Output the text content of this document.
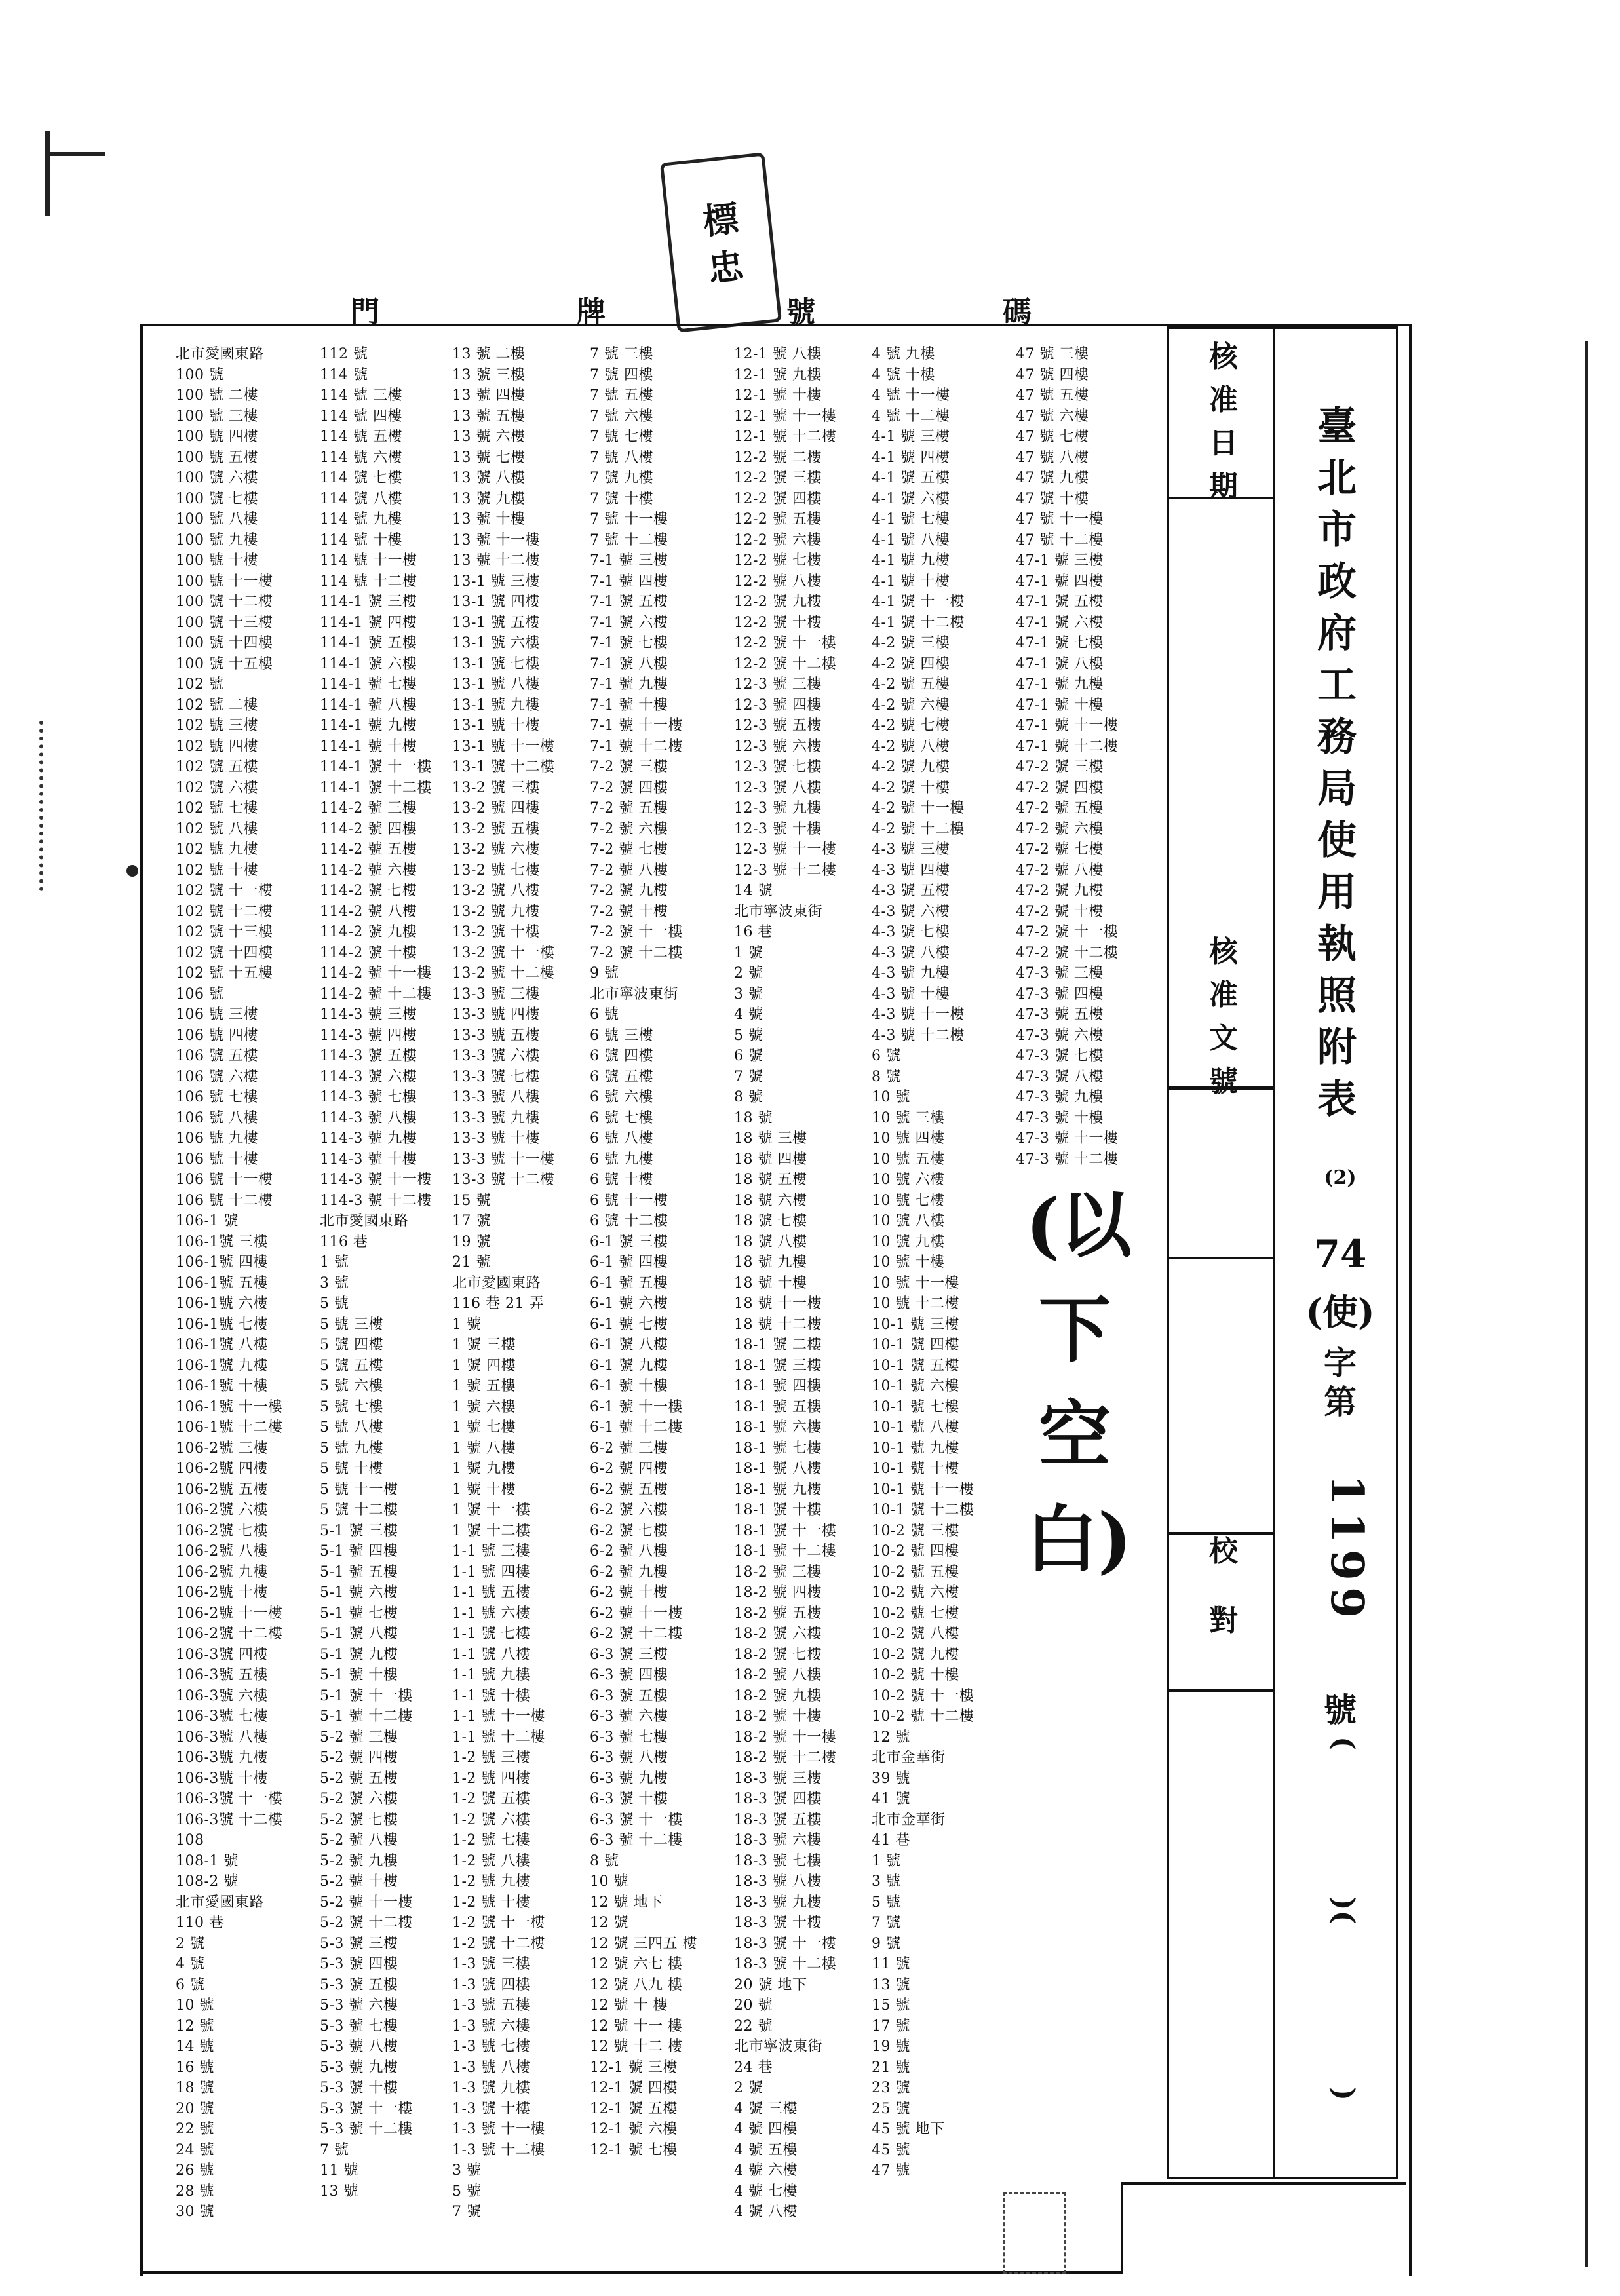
門	牌	號	碼
標 忠
北市愛國東路
100 號
100 號 二樓
100 號 三樓
100 號 四樓
100 號 五樓
100 號 六樓
100 號 七樓
100 號 八樓
100 號 九樓
100 號 十樓
100 號 十一樓
100 號 十二樓
100 號 十三樓
100 號 十四樓
100 號 十五樓
102 號
102 號 二樓
102 號 三樓
102 號 四樓
102 號 五樓
102 號 六樓
102 號 七樓
102 號 八樓
102 號 九樓
102 號 十樓
102 號 十一樓
102 號 十二樓
102 號 十三樓
102 號 十四樓
102 號 十五樓
106 號
106 號 三樓
106 號 四樓
106 號 五樓
106 號 六樓
106 號 七樓
106 號 八樓
106 號 九樓
106 號 十樓
106 號 十一樓
106 號 十二樓
106-1 號
106-1號 三樓
106-1號 四樓
106-1號 五樓
106-1號 六樓
106-1號 七樓
106-1號 八樓
106-1號 九樓
106-1號 十樓
106-1號 十一樓
106-1號 十二樓
106-2號 三樓
106-2號 四樓
106-2號 五樓
106-2號 六樓
106-2號 七樓
106-2號 八樓
106-2號 九樓
106-2號 十樓
106-2號 十一樓
106-2號 十二樓
106-3號 四樓
106-3號 五樓
106-3號 六樓
106-3號 七樓
106-3號 八樓
106-3號 九樓
106-3號 十樓
106-3號 十一樓
106-3號 十二樓
108
108-1 號
108-2 號
北市愛國東路
110 巷
2 號
4 號
6 號
10 號
12 號
14 號
16 號
18 號
20 號
22 號
24 號
26 號
28 號
30 號
112 號
114 號
114 號 三樓
114 號 四樓
114 號 五樓
114 號 六樓
114 號 七樓
114 號 八樓
114 號 九樓
114 號 十樓
114 號 十一樓
114 號 十二樓
114-1 號 三樓
114-1 號 四樓
114-1 號 五樓
114-1 號 六樓
114-1 號 七樓
114-1 號 八樓
114-1 號 九樓
114-1 號 十樓
114-1 號 十一樓
114-1 號 十二樓
114-2 號 三樓
114-2 號 四樓
114-2 號 五樓
114-2 號 六樓
114-2 號 七樓
114-2 號 八樓
114-2 號 九樓
114-2 號 十樓
114-2 號 十一樓
114-2 號 十二樓
114-3 號 三樓
114-3 號 四樓
114-3 號 五樓
114-3 號 六樓
114-3 號 七樓
114-3 號 八樓
114-3 號 九樓
114-3 號 十樓
114-3 號 十一樓
114-3 號 十二樓
北市愛國東路
116 巷
1 號
3 號
5 號
5 號 三樓
5 號 四樓
5 號 五樓
5 號 六樓
5 號 七樓
5 號 八樓
5 號 九樓
5 號 十樓
5 號 十一樓
5 號 十二樓
5-1 號 三樓
5-1 號 四樓
5-1 號 五樓
5-1 號 六樓
5-1 號 七樓
5-1 號 八樓
5-1 號 九樓
5-1 號 十樓
5-1 號 十一樓
5-1 號 十二樓
5-2 號 三樓
5-2 號 四樓
5-2 號 五樓
5-2 號 六樓
5-2 號 七樓
5-2 號 八樓
5-2 號 九樓
5-2 號 十樓
5-2 號 十一樓
5-2 號 十二樓
5-3 號 三樓
5-3 號 四樓
5-3 號 五樓
5-3 號 六樓
5-3 號 七樓
5-3 號 八樓
5-3 號 九樓
5-3 號 十樓
5-3 號 十一樓
5-3 號 十二樓
7 號
11 號
13 號
13 號 二樓
13 號 三樓
13 號 四樓
13 號 五樓
13 號 六樓
13 號 七樓
13 號 八樓
13 號 九樓
13 號 十樓
13 號 十一樓
13 號 十二樓
13-1 號 三樓
13-1 號 四樓
13-1 號 五樓
13-1 號 六樓
13-1 號 七樓
13-1 號 八樓
13-1 號 九樓
13-1 號 十樓
13-1 號 十一樓
13-1 號 十二樓
13-2 號 三樓
13-2 號 四樓
13-2 號 五樓
13-2 號 六樓
13-2 號 七樓
13-2 號 八樓
13-2 號 九樓
13-2 號 十樓
13-2 號 十一樓
13-2 號 十二樓
13-3 號 三樓
13-3 號 四樓
13-3 號 五樓
13-3 號 六樓
13-3 號 七樓
13-3 號 八樓
13-3 號 九樓
13-3 號 十樓
13-3 號 十一樓
13-3 號 十二樓
15 號
17 號
19 號
21 號
北市愛國東路
116 巷 21 弄
1 號
1 號 三樓
1 號 四樓
1 號 五樓
1 號 六樓
1 號 七樓
1 號 八樓
1 號 九樓
1 號 十樓
1 號 十一樓
1 號 十二樓
1-1 號 三樓
1-1 號 四樓
1-1 號 五樓
1-1 號 六樓
1-1 號 七樓
1-1 號 八樓
1-1 號 九樓
1-1 號 十樓
1-1 號 十一樓
1-1 號 十二樓
1-2 號 三樓
1-2 號 四樓
1-2 號 五樓
1-2 號 六樓
1-2 號 七樓
1-2 號 八樓
1-2 號 九樓
1-2 號 十樓
1-2 號 十一樓
1-2 號 十二樓
1-3 號 三樓
1-3 號 四樓
1-3 號 五樓
1-3 號 六樓
1-3 號 七樓
1-3 號 八樓
1-3 號 九樓
1-3 號 十樓
1-3 號 十一樓
1-3 號 十二樓
3 號
5 號
7 號
7 號 三樓
7 號 四樓
7 號 五樓
7 號 六樓
7 號 七樓
7 號 八樓
7 號 九樓
7 號 十樓
7 號 十一樓
7 號 十二樓
7-1 號 三樓
7-1 號 四樓
7-1 號 五樓
7-1 號 六樓
7-1 號 七樓
7-1 號 八樓
7-1 號 九樓
7-1 號 十樓
7-1 號 十一樓
7-1 號 十二樓
7-2 號 三樓
7-2 號 四樓
7-2 號 五樓
7-2 號 六樓
7-2 號 七樓
7-2 號 八樓
7-2 號 九樓
7-2 號 十樓
7-2 號 十一樓
7-2 號 十二樓
9 號
北市寧波東街
6 號
6 號 三樓
6 號 四樓
6 號 五樓
6 號 六樓
6 號 七樓
6 號 八樓
6 號 九樓
6 號 十樓
6 號 十一樓
6 號 十二樓
6-1 號 三樓
6-1 號 四樓
6-1 號 五樓
6-1 號 六樓
6-1 號 七樓
6-1 號 八樓
6-1 號 九樓
6-1 號 十樓
6-1 號 十一樓
6-1 號 十二樓
6-2 號 三樓
6-2 號 四樓
6-2 號 五樓
6-2 號 六樓
6-2 號 七樓
6-2 號 八樓
6-2 號 九樓
6-2 號 十樓
6-2 號 十一樓
6-2 號 十二樓
6-3 號 三樓
6-3 號 四樓
6-3 號 五樓
6-3 號 六樓
6-3 號 七樓
6-3 號 八樓
6-3 號 九樓
6-3 號 十樓
6-3 號 十一樓
6-3 號 十二樓
8 號
10 號
12 號 地下
12 號
12 號 三四五 樓
12 號 六七 樓
12 號 八九 樓
12 號 十 樓
12 號 十一 樓
12 號 十二 樓
12-1 號 三樓
12-1 號 四樓
12-1 號 五樓
12-1 號 六樓
12-1 號 七樓
12-1 號 八樓
12-1 號 九樓
12-1 號 十樓
12-1 號 十一樓
12-1 號 十二樓
12-2 號 二樓
12-2 號 三樓
12-2 號 四樓
12-2 號 五樓
12-2 號 六樓
12-2 號 七樓
12-2 號 八樓
12-2 號 九樓
12-2 號 十樓
12-2 號 十一樓
12-2 號 十二樓
12-3 號 三樓
12-3 號 四樓
12-3 號 五樓
12-3 號 六樓
12-3 號 七樓
12-3 號 八樓
12-3 號 九樓
12-3 號 十樓
12-3 號 十一樓
12-3 號 十二樓
14 號
北市寧波東街
16 巷
1 號
2 號
3 號
4 號
5 號
6 號
7 號
8 號
18 號
18 號 三樓
18 號 四樓
18 號 五樓
18 號 六樓
18 號 七樓
18 號 八樓
18 號 九樓
18 號 十樓
18 號 十一樓
18 號 十二樓
18-1 號 二樓
18-1 號 三樓
18-1 號 四樓
18-1 號 五樓
18-1 號 六樓
18-1 號 七樓
18-1 號 八樓
18-1 號 九樓
18-1 號 十樓
18-1 號 十一樓
18-1 號 十二樓
18-2 號 三樓
18-2 號 四樓
18-2 號 五樓
18-2 號 六樓
18-2 號 七樓
18-2 號 八樓
18-2 號 九樓
18-2 號 十樓
18-2 號 十一樓
18-2 號 十二樓
18-3 號 三樓
18-3 號 四樓
18-3 號 五樓
18-3 號 六樓
18-3 號 七樓
18-3 號 八樓
18-3 號 九樓
18-3 號 十樓
18-3 號 十一樓
18-3 號 十二樓
20 號 地下
20 號
22 號
北市寧波東街
24 巷
2 號
4 號 三樓
4 號 四樓
4 號 五樓
4 號 六樓
4 號 七樓
4 號 八樓
4 號 九樓
4 號 十樓
4 號 十一樓
4 號 十二樓
4-1 號 三樓
4-1 號 四樓
4-1 號 五樓
4-1 號 六樓
4-1 號 七樓
4-1 號 八樓
4-1 號 九樓
4-1 號 十樓
4-1 號 十一樓
4-1 號 十二樓
4-2 號 三樓
4-2 號 四樓
4-2 號 五樓
4-2 號 六樓
4-2 號 七樓
4-2 號 八樓
4-2 號 九樓
4-2 號 十樓
4-2 號 十一樓
4-2 號 十二樓
4-3 號 三樓
4-3 號 四樓
4-3 號 五樓
4-3 號 六樓
4-3 號 七樓
4-3 號 八樓
4-3 號 九樓
4-3 號 十樓
4-3 號 十一樓
4-3 號 十二樓
6 號
8 號
10 號
10 號 三樓
10 號 四樓
10 號 五樓
10 號 六樓
10 號 七樓
10 號 八樓
10 號 九樓
10 號 十樓
10 號 十一樓
10 號 十二樓
10-1 號 三樓
10-1 號 四樓
10-1 號 五樓
10-1 號 六樓
10-1 號 七樓
10-1 號 八樓
10-1 號 九樓
10-1 號 十樓
10-1 號 十一樓
10-1 號 十二樓
10-2 號 三樓
10-2 號 四樓
10-2 號 五樓
10-2 號 六樓
10-2 號 七樓
10-2 號 八樓
10-2 號 九樓
10-2 號 十樓
10-2 號 十一樓
10-2 號 十二樓
12 號
北市金華街
39 號
41 號
北市金華街
41 巷
1 號
3 號
5 號
7 號
9 號
11 號
13 號
15 號
17 號
19 號
21 號
23 號
25 號
45 號 地下
45 號
47 號
47 號 三樓
47 號 四樓
47 號 五樓
47 號 六樓
47 號 七樓
47 號 八樓
47 號 九樓
47 號 十樓
47 號 十一樓
47 號 十二樓
47-1 號 三樓
47-1 號 四樓
47-1 號 五樓
47-1 號 六樓
47-1 號 七樓
47-1 號 八樓
47-1 號 九樓
47-1 號 十樓
47-1 號 十一樓
47-1 號 十二樓
47-2 號 三樓
47-2 號 四樓
47-2 號 五樓
47-2 號 六樓
47-2 號 七樓
47-2 號 八樓
47-2 號 九樓
47-2 號 十樓
47-2 號 十一樓
47-2 號 十二樓
47-3 號 三樓
47-3 號 四樓
47-3 號 五樓
47-3 號 六樓
47-3 號 七樓
47-3 號 八樓
47-3 號 九樓
47-3 號 十樓
47-3 號 十一樓
47-3 號 十二樓
(以
下
空
白)
核
准
日
期
核
准
文
號
校
對
臺
北
市
政
府
工
務
局
使
用
執
照
附
表
(2)
74
(使)
字第
1199
號
(
)(
)
